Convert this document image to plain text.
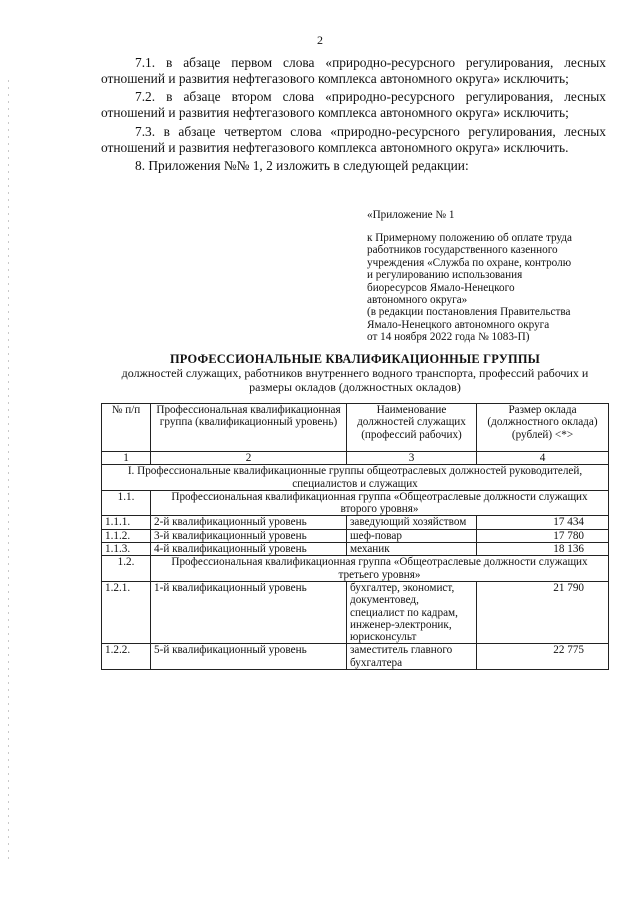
2

7.1. в абзаце первом слова «природно-ресурсного регулирования, лесных отношений и развития нефтегазового комплекса автономного округа» исключить;

7.2. в абзаце втором слова «природно-ресурсного регулирования, лесных отношений и развития нефтегазового комплекса автономного округа» исключить;

7.3. в абзаце четвертом слова «природно-ресурсного регулирования, лесных отношений и развития нефтегазового комплекса автономного округа» исключить.

8. Приложения №№ 1, 2 изложить в следующей редакции:

«Приложение № 1
к Примерному положению об оплате труда
работников государственного казенного
учреждения «Служба по охране, контролю
и регулированию использования
биоресурсов Ямало-Ненецкого
автономного округа»
(в редакции постановления Правительства
Ямало-Ненецкого автономного округа
от 14 ноября 2022 года № 1083-П)
ПРОФЕССИОНАЛЬНЫЕ КВАЛИФИКАЦИОННЫЕ ГРУППЫ
должностей служащих, работников внутреннего водного транспорта, профессий рабочих и
размеры окладов (должностных окладов)
№ п/п	Профессиональная квалификационная группа (квалификационный уровень)	Наименование должностей служащих (профессий рабочих)	Размер оклада (должностного оклада) (рублей) <*>
1	2	3	4
I. Профессиональные квалификационные группы общеотраслевых должностей руководителей, специалистов и служащих			
1.1.	Профессиональная квалификационная группа «Общеотраслевые должности служащих второго уровня»		
1.1.1.	2-й квалификационный уровень	заведующий хозяйством	17 434
1.1.2.	3-й квалификационный уровень	шеф-повар	17 780
1.1.3.	4-й квалификационный уровень	механик	18 136
1.2.	Профессиональная квалификационная группа «Общеотраслевые должности служащих третьего уровня»		
1.2.1.	1-й квалификационный уровень	бухгалтер, экономист, документовед, специалист по кадрам, инженер-электроник, юрисконсульт	21 790
1.2.2.	5-й квалификационный уровень	заместитель главного бухгалтера	22 775
